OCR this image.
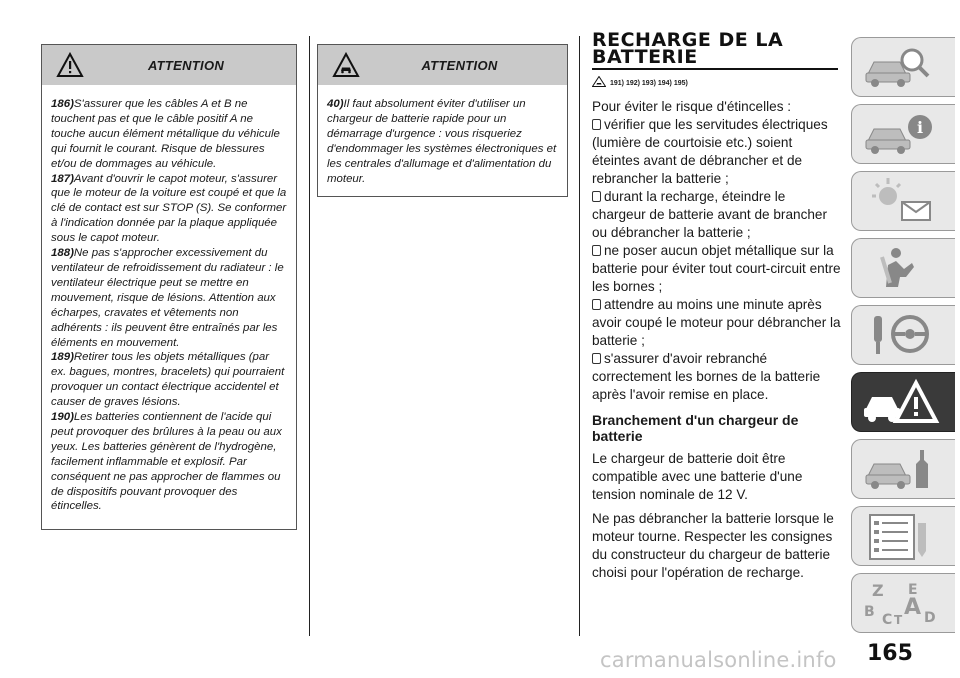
ATTENTION

186)S'assurer que les câbles A et B ne touchent pas et que le câble positif A ne touche aucun élément métallique du véhicule qui fournit le courant. Risque de blessures et/ou de dommages au véhicule.

187)Avant d'ouvrir le capot moteur, s'assurer que le moteur de la voiture est coupé et que la clé de contact est sur STOP (S). Se conformer à l'indication donnée par la plaque appliquée sous le capot moteur.

188)Ne pas s'approcher excessivement du ventilateur de refroidissement du radiateur : le ventilateur électrique peut se mettre en mouvement, risque de lésions. Attention aux écharpes, cravates et vêtements non adhérents : ils peuvent être entraînés par les éléments en mouvement.

189)Retirer tous les objets métalliques (par ex. bagues, montres, bracelets) qui pourraient provoquer un contact électrique accidentel et causer de graves lésions.

190)Les batteries contiennent de l'acide qui peut provoquer des brûlures à la peau ou aux yeux. Les batteries génèrent de l'hydrogène, facilement inflammable et explosif. Par conséquent ne pas approcher de flammes ou de dispositifs pouvant provoquer des étincelles.

ATTENTION

40)Il faut absolument éviter d'utiliser un chargeur de batterie rapide pour un démarrage d'urgence : vous risqueriez d'endommager les systèmes électroniques et les centrales d'allumage et d'alimentation du moteur.

RECHARGE DE LA BATTERIE
191) 192) 193) 194) 195)

Pour éviter le risque d'étincelles :

vérifier que les servitudes électriques (lumière de courtoisie etc.) soient éteintes avant de débrancher et de rebrancher la batterie ;

durant la recharge, éteindre le chargeur de batterie avant de brancher ou débrancher la batterie ;

ne poser aucun objet métallique sur la batterie pour éviter tout court-circuit entre les bornes ;

attendre au moins une minute après avoir coupé le moteur pour débrancher la batterie ;

s'assurer d'avoir rebranché correctement les bornes de la batterie après l'avoir remise en place.

Branchement d'un chargeur de batterie

Le chargeur de batterie doit être compatible avec une batterie d'une tension nominale de 12 V.

Ne pas débrancher la batterie lorsque le moteur tourne. Respecter les consignes du constructeur du chargeur de batterie choisi pour l'opération de recharge.

i
Z E
A
B C T D
165
carmanualsonline.info
